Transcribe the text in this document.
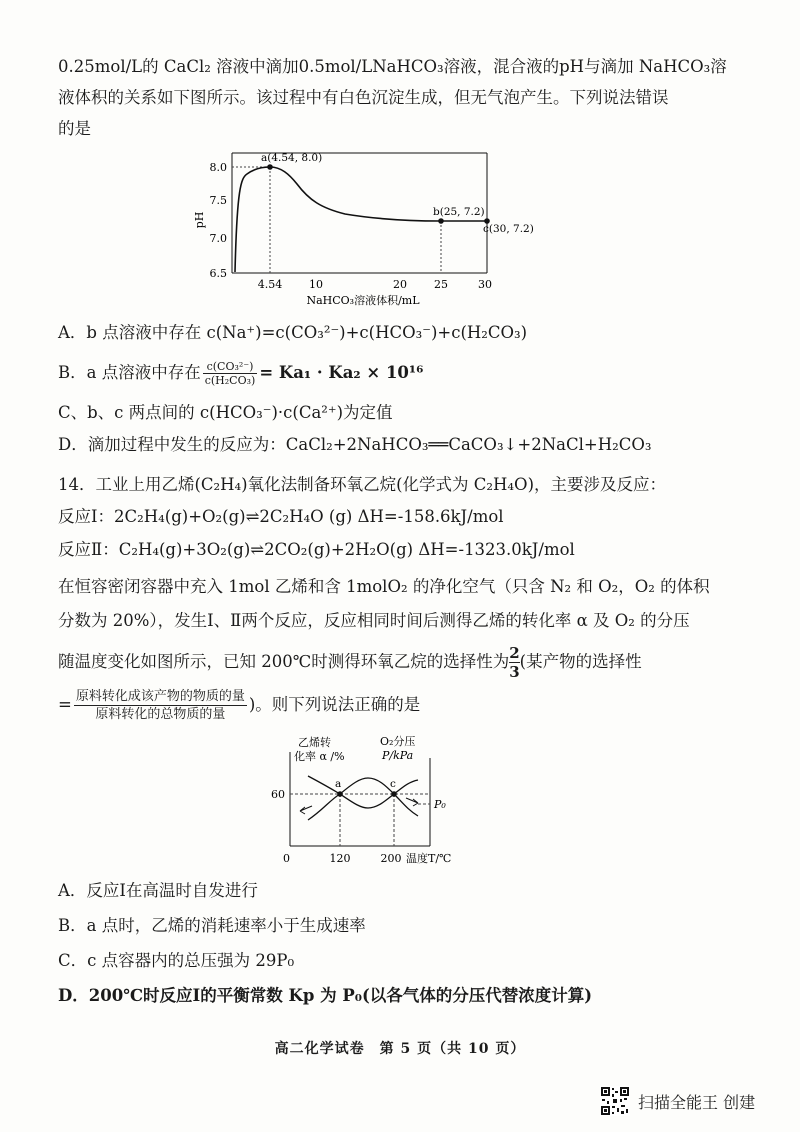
0.25mol/L的 CaCl₂ 溶液中滴加0.5mol/LNaHCO₃溶液，混合液的pH与滴加 NaHCO₃溶
液体积的关系如下图所示。该过程中有白色沉淀生成，但无气泡产生。下列说法错误
的是
8.0
7.5
7.0
6.5
pH
a(4.54, 8.0)
b(25, 7.2)
c(30, 7.2)
4.54 10	20 25	30
NaHCO₃溶液体积/mL
A．b 点溶液中存在 c(Na⁺)=c(CO₃²⁻)+c(HCO₃⁻)+c(H₂CO₃)
B．a 点溶液中存在 $\frac{\text{c(CO₃²⁻)}}{\text{c(H₂CO₃)}} = Ka_1 \cdot Ka_2 \times 10^{16}$
C、b、c 两点间的 c(HCO₃⁻)·c(Ca²⁺)为定值
D．滴加过程中发生的反应为：CaCl₂+2NaHCO₃══CaCO₃↓+2NaCl+H₂CO₃
14．工业上用乙烯(C₂H₄)氧化法制备环氧乙烷(化学式为 C₂H₄O)，主要涉及反应：
反应Ⅰ：2C₂H₄(g)+O₂(g)⇌2C₂H₄O (g) ΔH=-158.6kJ/mol
反应Ⅱ：C₂H₄(g)+3O₂(g)⇌2CO₂(g)+2H₂O(g) ΔH=-1323.0kJ/mol
在恒容密闭容器中充入 1mol 乙烯和含 1molO₂ 的净化空气（只含 N₂ 和 O₂，O₂ 的体积
分数为 20%），发生Ⅰ、Ⅱ两个反应，反应相同时间后测得乙烯的转化率 α 及 O₂ 的分压
随温度变化如图所示，已知 200℃时测得环氧乙烷的选择性为 $\frac{2}{3}$ (某产物的选择性
= $\frac{\text{原料转化成该产物的物质的量}}{\text{原料转化的总物质的量}}$ )。则下列说法正确的是
乙烯转
化率 α /%
O₂分压
P/kPa
60
P₀
a	c
0	120	200 温度T/℃
A．反应Ⅰ在高温时自发进行
B．a 点时，乙烯的消耗速率小于生成速率
C．c 点容器内的总压强为 29P₀
D．200℃时反应Ⅰ的平衡常数 Kp 为 P₀(以各气体的分压代替浓度计算)
高二化学试卷　第 5 页（共 10 页）
扫描全能王 创建
